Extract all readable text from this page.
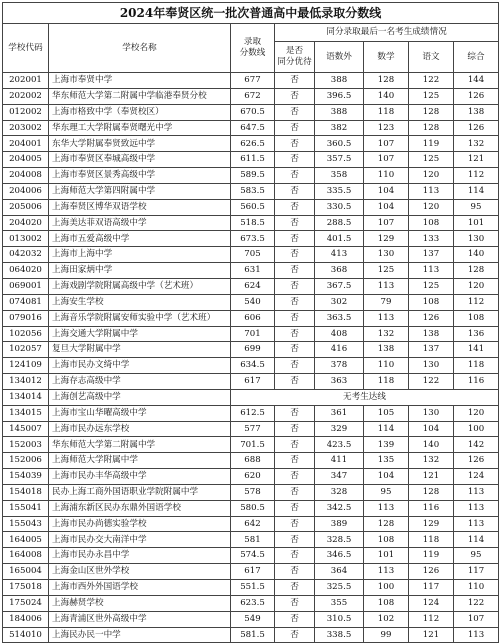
2024年奉贤区统一批次普通高中最低录取分数线							
学校代码	学校名称	录取
分数线	同分录取最后一名考生成绩情况				
			是否
同分优待	语数外	数学	语文	综合
202001	上海市奉贤中学	677	否	388	128	122	144
202002	华东师范大学第二附属中学临港奉贤分校	672	否	396.5	140	125	126
012002	上海市格致中学（奉贤校区）	670.5	否	388	118	128	138
203002	华东理工大学附属奉贤曙光中学	647.5	否	382	123	128	126
204001	东华大学附属奉贤致远中学	626.5	否	360.5	107	119	132
204005	上海市奉贤区奉城高级中学	611.5	否	357.5	107	125	121
204008	上海市奉贤区景秀高级中学	589.5	否	358	110	120	112
204006	上海师范大学第四附属中学	583.5	否	335.5	104	113	114
205006	上海奉贤区博华双语学校	560.5	否	330.5	104	120	95
204020	上海美达菲双语高级中学	518.5	否	288.5	107	108	101
013002	上海市五爱高级中学	673.5	否	401.5	129	133	130
042032	上海市上海中学	705	否	413	130	137	140
064020	上海田家炳中学	631	否	368	125	113	128
069001	上海戏剧学院附属高级中学（艺术班）	624	否	367.5	113	125	120
074081	上海安生学校	540	否	302	79	108	112
079016	上海音乐学院附属安师实验中学（艺术班）	606	否	363.5	113	126	108
102056	上海交通大学附属中学	701	否	408	132	138	136
102057	复旦大学附属中学	699	否	416	138	137	141
124109	上海市民办文绮中学	634.5	否	378	110	130	118
134012	上海存志高级中学	617	否	363	118	122	116
134014	上海创艺高级中学	无考生达线					
134015	上海市宝山华曜高级中学	612.5	否	361	105	130	120
145007	上海市民办远东学校	577	否	329	114	104	100
152003	华东师范大学第二附属中学	701.5	否	423.5	139	140	142
152006	上海师范大学附属中学	688	否	411	135	132	126
154039	上海市民办丰华高级中学	620	否	347	104	121	124
154018	民办上海工商外国语职业学院附属中学	578	否	328	95	128	113
155041	上海浦东新区民办东鼎外国语学校	580.5	否	342.5	113	116	113
155043	上海市民办尚德实验学校	642	否	389	128	129	113
164005	上海市民办交大南洋中学	581	否	328.5	108	118	114
164008	上海市民办永昌中学	574.5	否	346.5	101	119	95
165004	上海金山区世外学校	617	否	364	113	126	117
175018	上海市西外外国语学校	551.5	否	325.5	100	117	110
175024	上海赫贤学校	623.5	否	355	108	124	122
184006	上海青浦区世外高级中学	549	否	310.5	102	112	107
514010	上海民办民一中学	581.5	否	338.5	99	121	113
